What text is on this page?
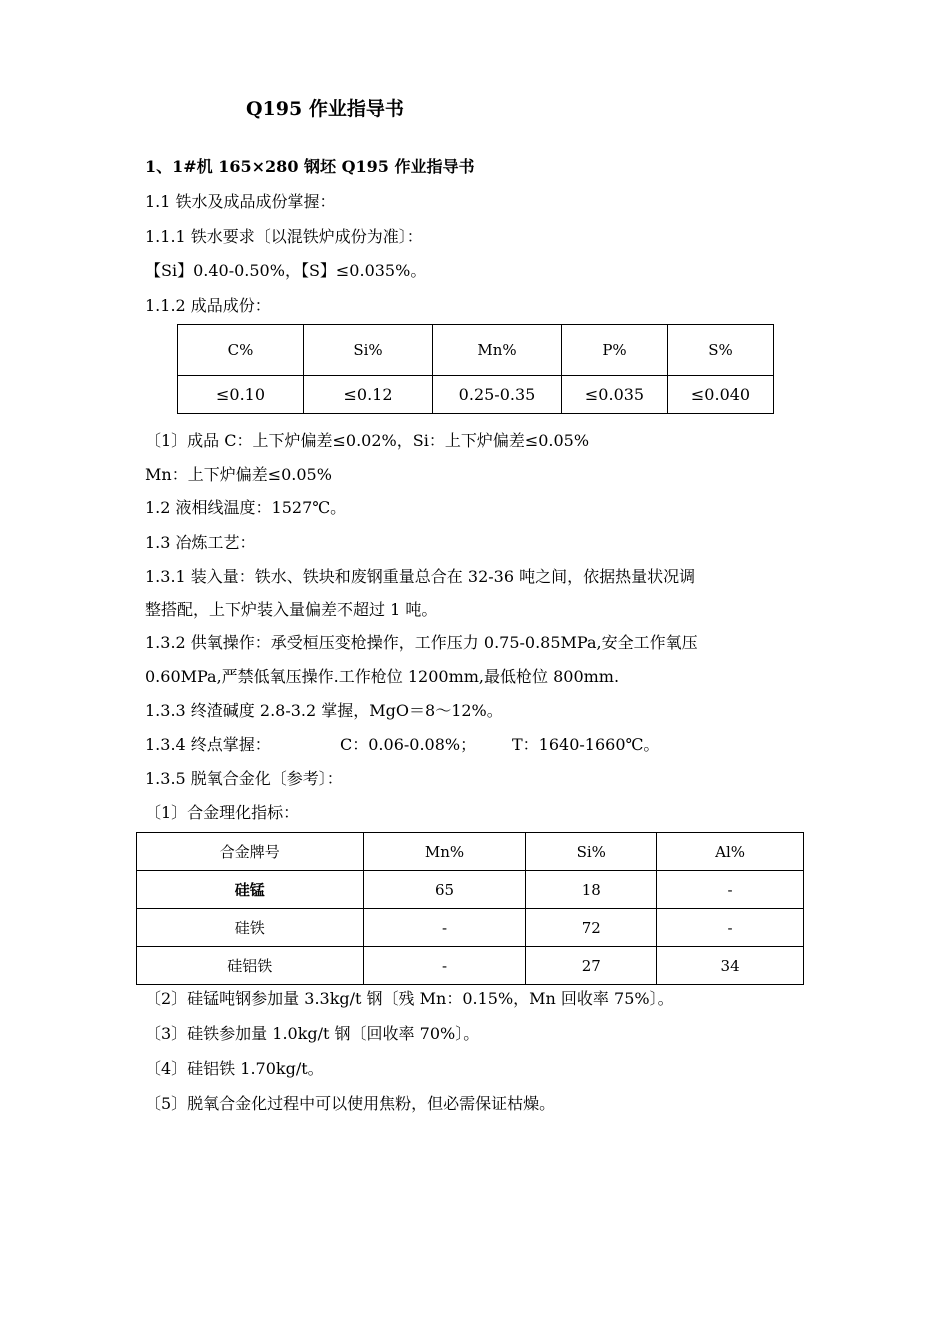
Q195 作业指导书
1、1#机 165×280 钢坯 Q195 作业指导书
1.1 铁水及成品成份掌握：
1.1.1 铁水要求〔以混铁炉成份为准〕：
【Si】0.40-0.50%，【S】≤0.035%。
1.1.2 成品成份：
C%	Si%	Mn%	P%	S%
≤0.10	≤0.12	0.25-0.35	≤0.035	≤0.040
〔1〕成品 C：上下炉偏差≤0.02%，Si：上下炉偏差≤0.05%
Mn：上下炉偏差≤0.05%
1.2 液相线温度：1527℃。
1.3 冶炼工艺：
1.3.1 装入量：铁水、铁块和废钢重量总合在 32-36 吨之间，依据热量状况调
整搭配，上下炉装入量偏差不超过 1 吨。
1.3.2 供氧操作：承受桓压变枪操作，工作压力 0.75-0.85MPa,安全工作氧压
0.60MPa,严禁低氧压操作.工作枪位 1200mm,最低枪位 800mm.
1.3.3 终渣碱度 2.8-3.2 掌握，MgO＝8～12%。
1.3.4 终点掌握：	C：0.06-0.08%； T：1640-1660℃。
1.3.5 脱氧合金化〔参考〕：
〔1〕合金理化指标：
合金牌号	Mn%	Si%	Al%
硅锰	65	18	-
硅铁	-	72	-
硅铝铁	-	27	34
〔2〕硅锰吨钢参加量 3.3kg/t 钢〔残 Mn：0.15%，Mn 回收率 75%〕。
〔3〕硅铁参加量 1.0kg/t 钢〔回收率 70%〕。
〔4〕硅铝铁 1.70kg/t。
〔5〕脱氧合金化过程中可以使用焦粉，但必需保证枯燥。
